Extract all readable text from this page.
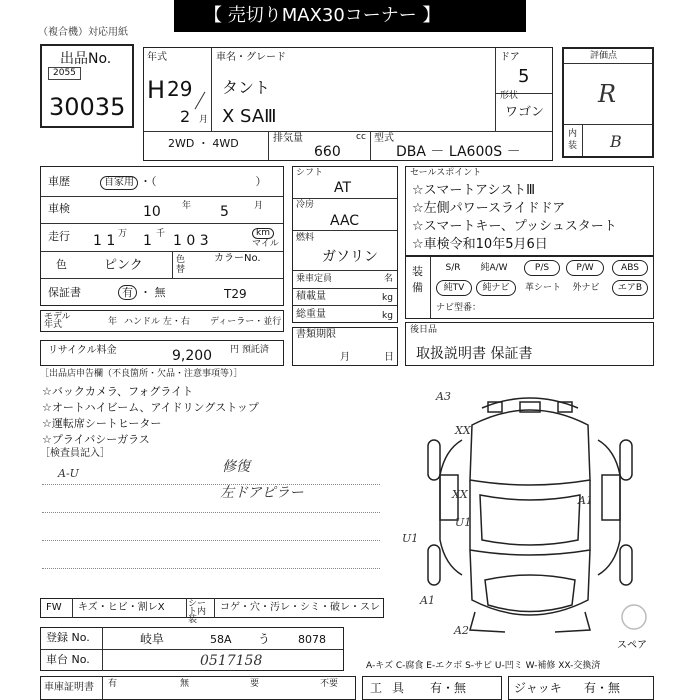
【 売切りMAX30コーナー 】
（複合機）対応用紙
出品No.
2055
30035
年式
H 29
2 月
車名・グレード
タント
X SAⅢ
ドア
5
形状
ワゴン
2WD ・ 4WD	排気量	cc
660
型式
DBA － LA600S －
評価点
R
内装 B
車歴	自家用 ・（　　　　　　　　　）
車検	10 年 5	月
走行 1 1 万 1 千 1 0 3	km
マイル
色	ピンク	色替
カラーNo.
T29
保証書	有 ・ 無
モデル年式	年 ハンドル 左・右 ディーラー・並行
シフト
AT
冷房
AAC
燃料
ガソリン
乗車定員	名
積載量	kg
総重量	kg
セールスポイント
☆スマートアシストⅢ
☆左側パワースライドドア
☆スマートキー、プッシュスタート
☆車検令和10年5月6日
装備
S/R	純A/W	P/S	P/W	ABS
純TV	純ナビ	革シート	外ナビ	エアB
ナビ型番：
リサイクル料金	9,200 円 預託済
書類期限
月	日
後日品
取扱説明書 保証書
［出品店申告欄（不良箇所・欠品・注意事項等）］
☆バックカメラ、フォグライト
☆オートハイビーム、アイドリングストップ
☆運転席シートヒーター
☆プライバシーガラス
［検査員記入］
A-U	修復
左ドアピラー
A3
XX
XX	A1
U1
U1
A1
A2
スペア
FW キズ・ヒビ・割レX	シート内装
コゲ・穴・汚レ・シミ・破レ・スレ
登録 No.	岐阜	58A う	8078
車台 No.	0517158	A-キズ C-腐食 E-エクボ S-サビ U-凹ミ W-補修 XX-交換済
車庫証明書 有	無	要	不要	工具 有・無	ジャッキ 有・無
